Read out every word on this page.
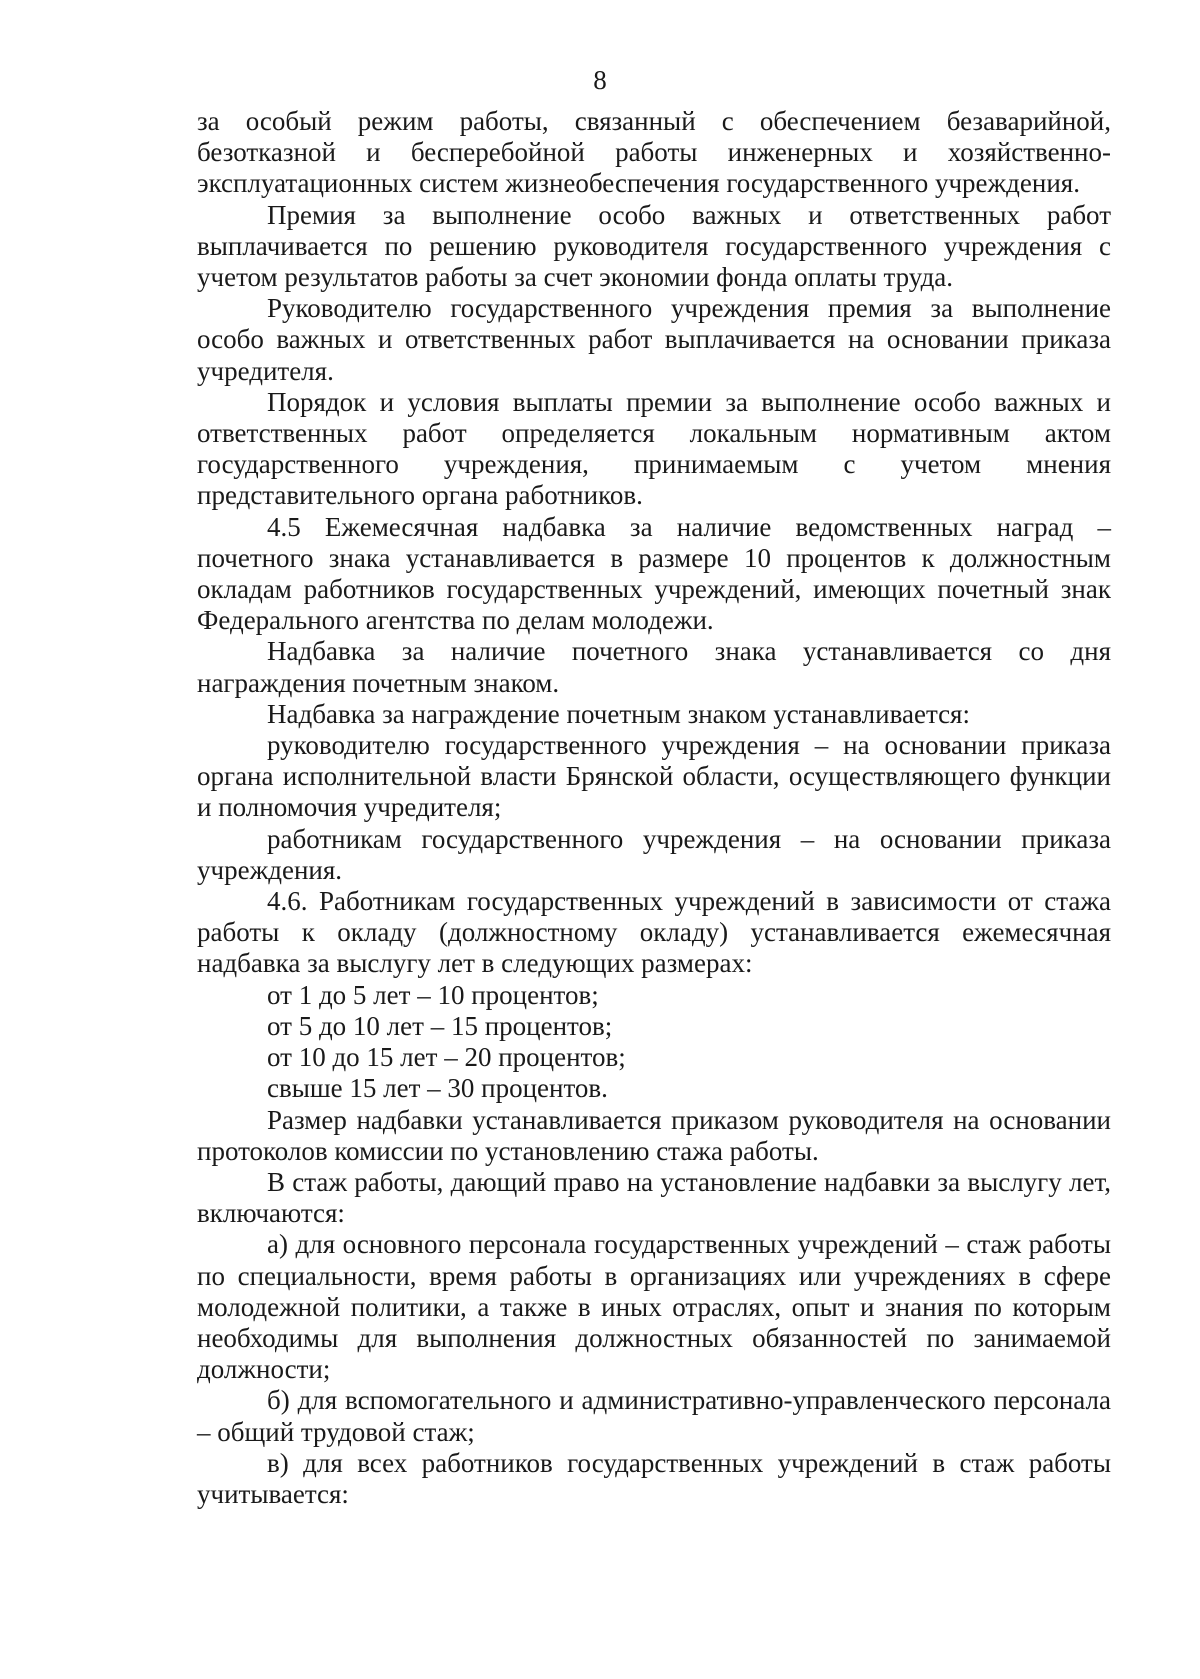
8

за особый режим работы, связанный с обеспечением безаварийной, безотказной и бесперебойной работы инженерных и хозяйственно-эксплуатационных систем жизнеобеспечения государственного учреждения.

Премия за выполнение особо важных и ответственных работ выплачивается по решению руководителя государственного учреждения с учетом результатов работы за счет экономии фонда оплаты труда.

Руководителю государственного учреждения премия за выполнение особо важных и ответственных работ выплачивается на основании приказа учредителя.

Порядок и условия выплаты премии за выполнение особо важных и ответственных работ определяется локальным нормативным актом государственного учреждения, принимаемым с учетом мнения представительного органа работников.

4.5 Ежемесячная надбавка за наличие ведомственных наград – почетного знака устанавливается в размере 10 процентов к должностным окладам работников государственных учреждений, имеющих почетный знак Федерального агентства по делам молодежи.

Надбавка за наличие почетного знака устанавливается со дня награждения почетным знаком.

Надбавка за награждение почетным знаком устанавливается:

руководителю государственного учреждения – на основании приказа органа исполнительной власти Брянской области, осуществляющего функции и полномочия учредителя;

работникам государственного учреждения – на основании приказа учреждения.

4.6. Работникам государственных учреждений в зависимости от стажа работы к окладу (должностному окладу) устанавливается ежемесячная надбавка за выслугу лет в следующих размерах:

от 1 до 5 лет – 10 процентов;

от 5 до 10 лет – 15 процентов;

от 10 до 15 лет – 20 процентов;

свыше 15 лет – 30 процентов.

Размер надбавки устанавливается приказом руководителя на основании протоколов комиссии по установлению стажа работы.

В стаж работы, дающий право на установление надбавки за выслугу лет, включаются:

а) для основного персонала государственных учреждений – стаж работы по специальности, время работы в организациях или учреждениях в сфере молодежной политики, а также в иных отраслях, опыт и знания по которым необходимы для выполнения должностных обязанностей по занимаемой должности;

б) для вспомогательного и административно-управленческого персонала – общий трудовой стаж;

в) для всех работников государственных учреждений в стаж работы учитывается:
